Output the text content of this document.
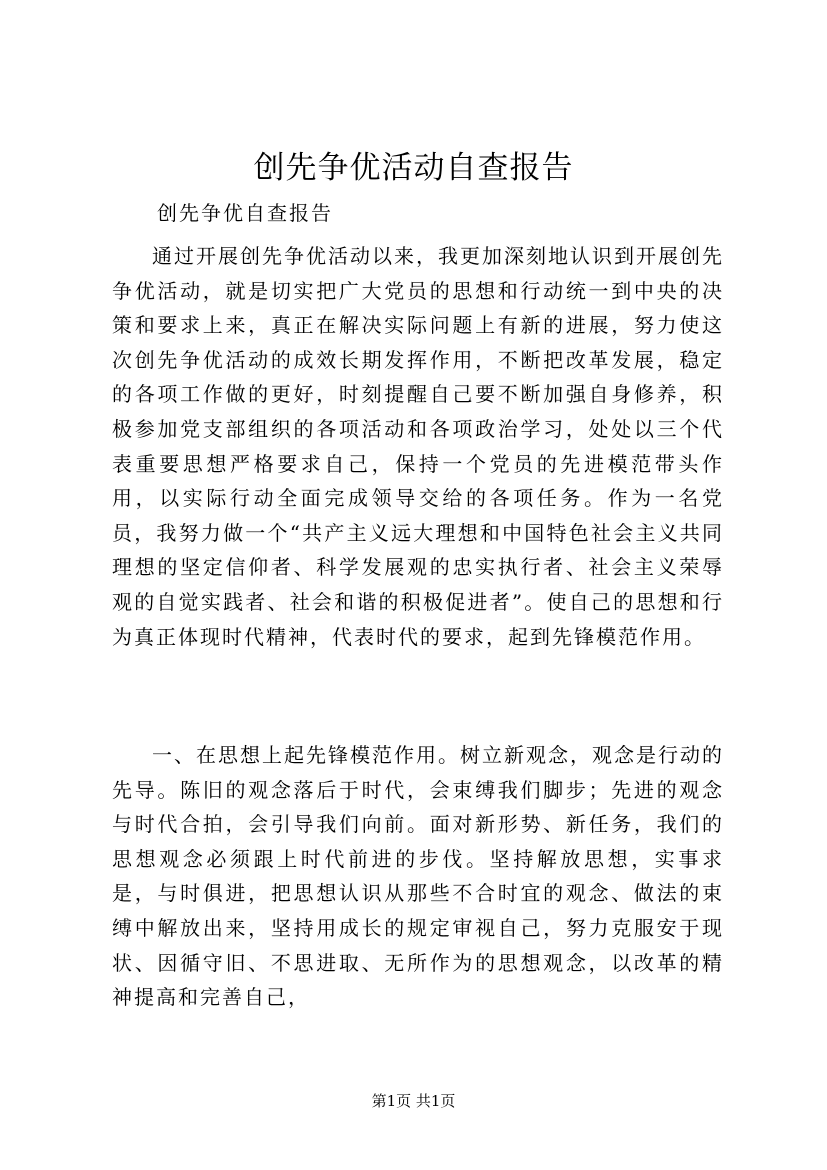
创先争优活动自查报告

创先争优自查报告

通过开展创先争优活动以来，我更加深刻地认识到开展创先争优活动，就是切实把广大党员的思想和行动统一到中央的决策和要求上来，真正在解决实际问题上有新的进展，努力使这次创先争优活动的成效长期发挥作用，不断把改革发展，稳定的各项工作做的更好，时刻提醒自己要不断加强自身修养，积极参加党支部组织的各项活动和各项政治学习，处处以三个代表重要思想严格要求自己，保持一个党员的先进模范带头作用，以实际行动全面完成领导交给的各项任务。作为一名党员，我努力做一个“共产主义远大理想和中国特色社会主义共同理想的坚定信仰者、科学发展观的忠实执行者、社会主义荣辱观的自觉实践者、社会和谐的积极促进者”。使自己的思想和行为真正体现时代精神，代表时代的要求，起到先锋模范作用。

一、在思想上起先锋模范作用。树立新观念，观念是行动的先导。陈旧的观念落后于时代，会束缚我们脚步；先进的观念与时代合拍，会引导我们向前。面对新形势、新任务，我们的思想观念必须跟上时代前进的步伐。坚持解放思想，实事求是，与时俱进，把思想认识从那些不合时宜的观念、做法的束缚中解放出来，坚持用成长的规定审视自己，努力克服安于现状、因循守旧、不思进取、无所作为的思想观念，以改革的精神提高和完善自己，

第1页 共1页
